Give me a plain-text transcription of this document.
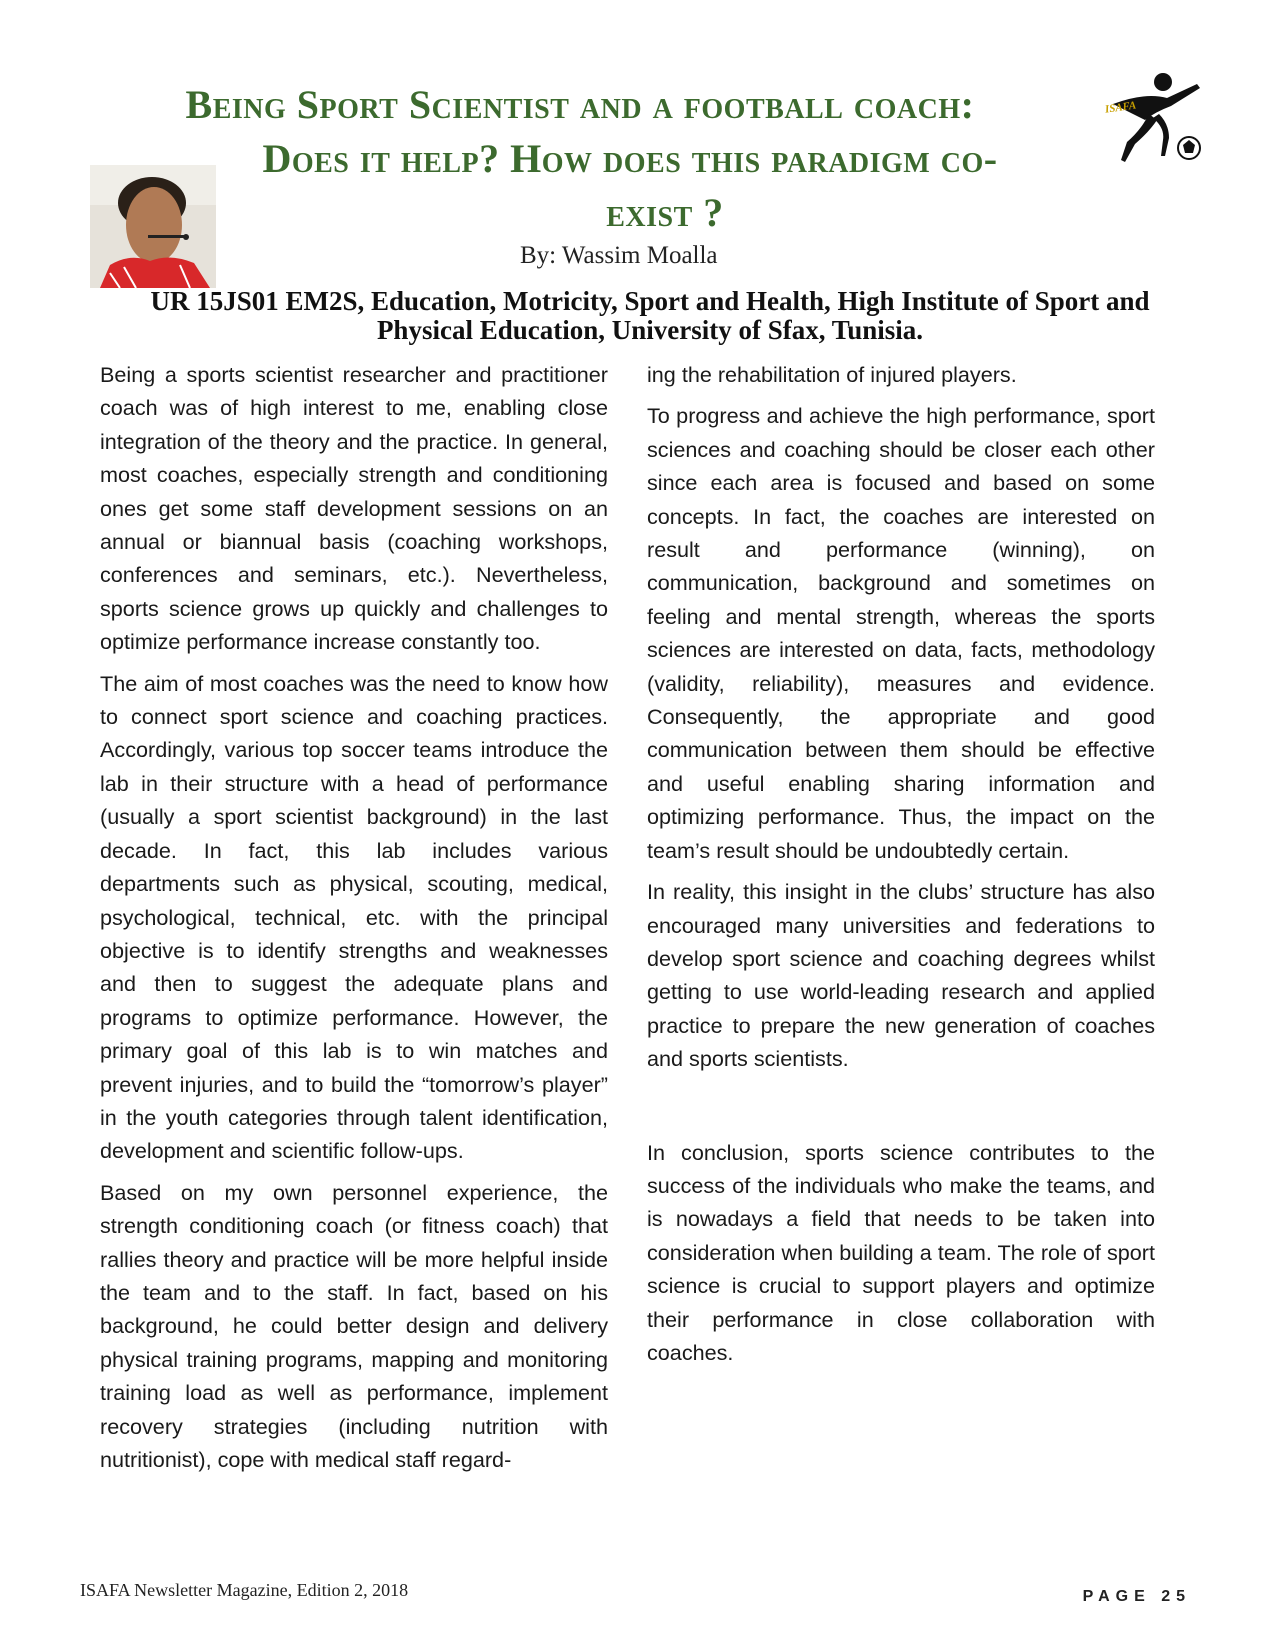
Being Sport Scientist and a football coach:
Does it help? How does this paradigm co-
exist ?
ISAFA
By: Wassim Moalla
UR 15JS01 EM2S, Education, Motricity, Sport and Health, High Institute of Sport and Physical Education, University of Sfax, Tunisia.

Being a sports scientist researcher and practitioner coach was of high interest to me, enabling close integration of the theory and the practice. In general, most coaches, especially strength and conditioning ones get some staff development sessions on an annual or biannual basis (coaching workshops, conferences and seminars, etc.). Nevertheless, sports science grows up quickly and challenges to optimize performance increase constantly too.

The aim of most coaches was the need to know how to connect sport science and coaching practices. Accordingly, various top soccer teams introduce the lab in their structure with a head of performance (usually a sport scientist background) in the last decade. In fact, this lab includes various departments such as physical, scouting, medical, psychological, technical, etc. with the principal objective is to identify strengths and weaknesses and then to suggest the adequate plans and programs to optimize performance. However, the primary goal of this lab is to win matches and prevent injuries, and to build the “tomorrow’s player” in the youth categories through talent identification, development and scientific follow-ups.

Based on my own personnel experience, the strength conditioning coach (or fitness coach) that rallies theory and practice will be more helpful inside the team and to the staff. In fact, based on his background, he could better design and delivery physical training programs, mapping and monitoring training load as well as performance, implement recovery strategies (including nutrition with nutritionist), cope with medical staff regard-

ing the rehabilitation of injured players.

To progress and achieve the high performance, sport sciences and coaching should be closer each other since each area is focused and based on some concepts. In fact, the coaches are interested on result and performance (winning), on communication, background and sometimes on feeling and mental strength, whereas the sports sciences are interested on data, facts, methodology (validity, reliability), measures and evidence. Consequently, the appropriate and good communication between them should be effective and useful enabling sharing information and optimizing performance. Thus, the impact on the team’s result should be undoubtedly certain.

In reality, this insight in the clubs’ structure has also encouraged many universities and federations to develop sport science and coaching degrees whilst getting to use world-leading research and applied practice to prepare the new generation of coaches and sports scientists.

In conclusion, sports science contributes to the success of the individuals who make the teams, and is nowadays a field that needs to be taken into consideration when building a team. The role of sport science is crucial to support players and optimize their performance in close collaboration with coaches.

ISAFA Newsletter Magazine, Edition 2, 2018	PAGE 25
